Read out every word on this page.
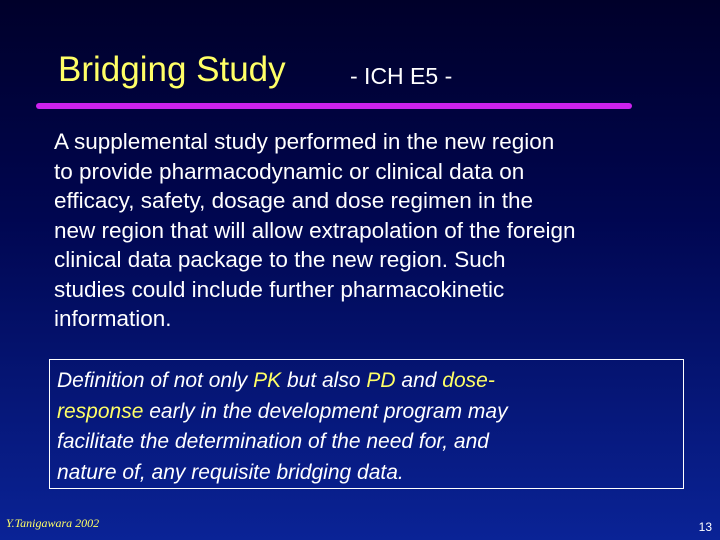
Bridging Study	- ICH E5 -
A supplemental study performed in the new region
to provide pharmacodynamic or clinical data on
efficacy, safety, dosage and dose regimen in the
new region that will allow extrapolation of the foreign
clinical data package to the new region. Such
studies could include further pharmacokinetic
information.
Definition of not only PK but also PD and dose-
response early in the development program may
facilitate the determination of the need for, and
nature of, any requisite bridging data.
Y.Tanigawara 2002	13
